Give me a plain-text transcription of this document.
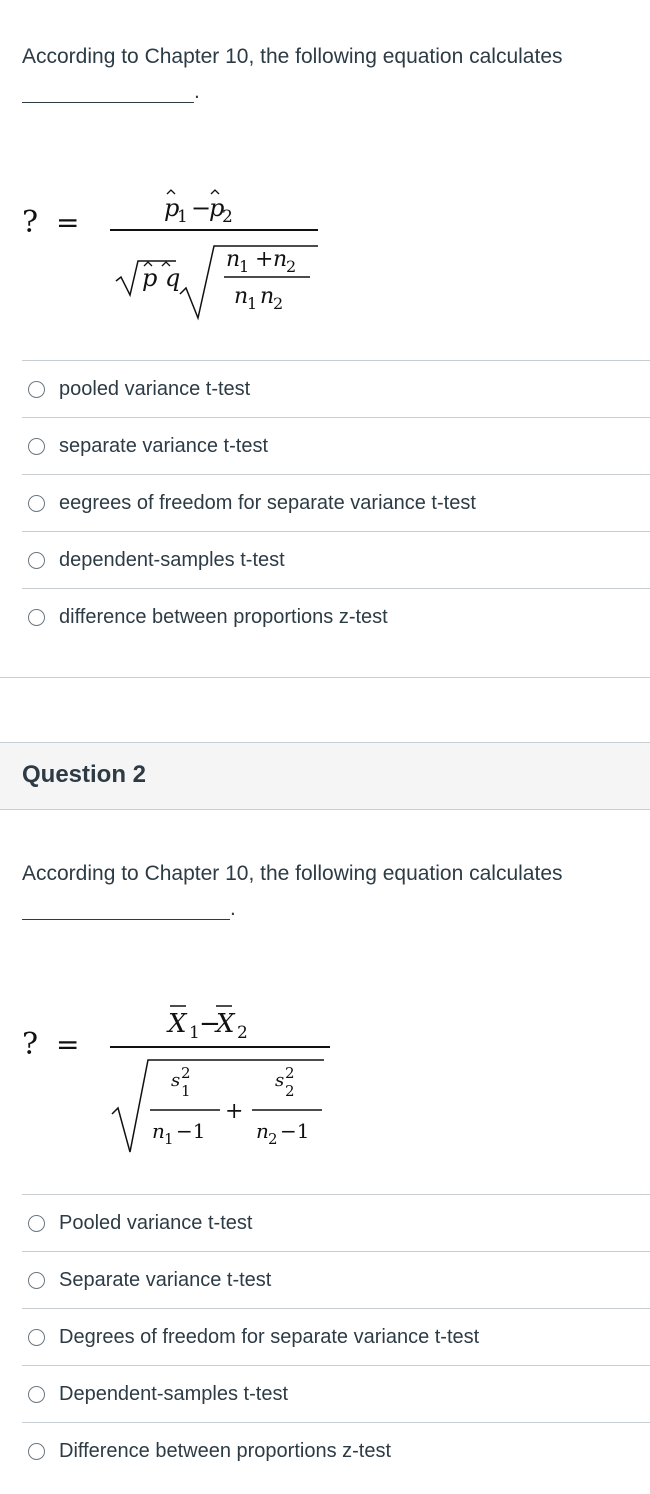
According to Chapter 10, the following equation calculates
.
? =	p
1 −
p
2
p q
n
1 + n
2
n
1 n
2
pooled variance t-test
separate variance t-test
eegrees of freedom for separate variance t-test
dependent-samples t-test
difference between proportions z-test
Question 2
According to Chapter 10, the following equation calculates
.
? =
X 1 −
X 2
s 2
1
n 1 −1
+
s 2
2
n 2 −1
Pooled variance t-test
Separate variance t-test
Degrees of freedom for separate variance t-test
Dependent-samples t-test
Difference between proportions z-test
